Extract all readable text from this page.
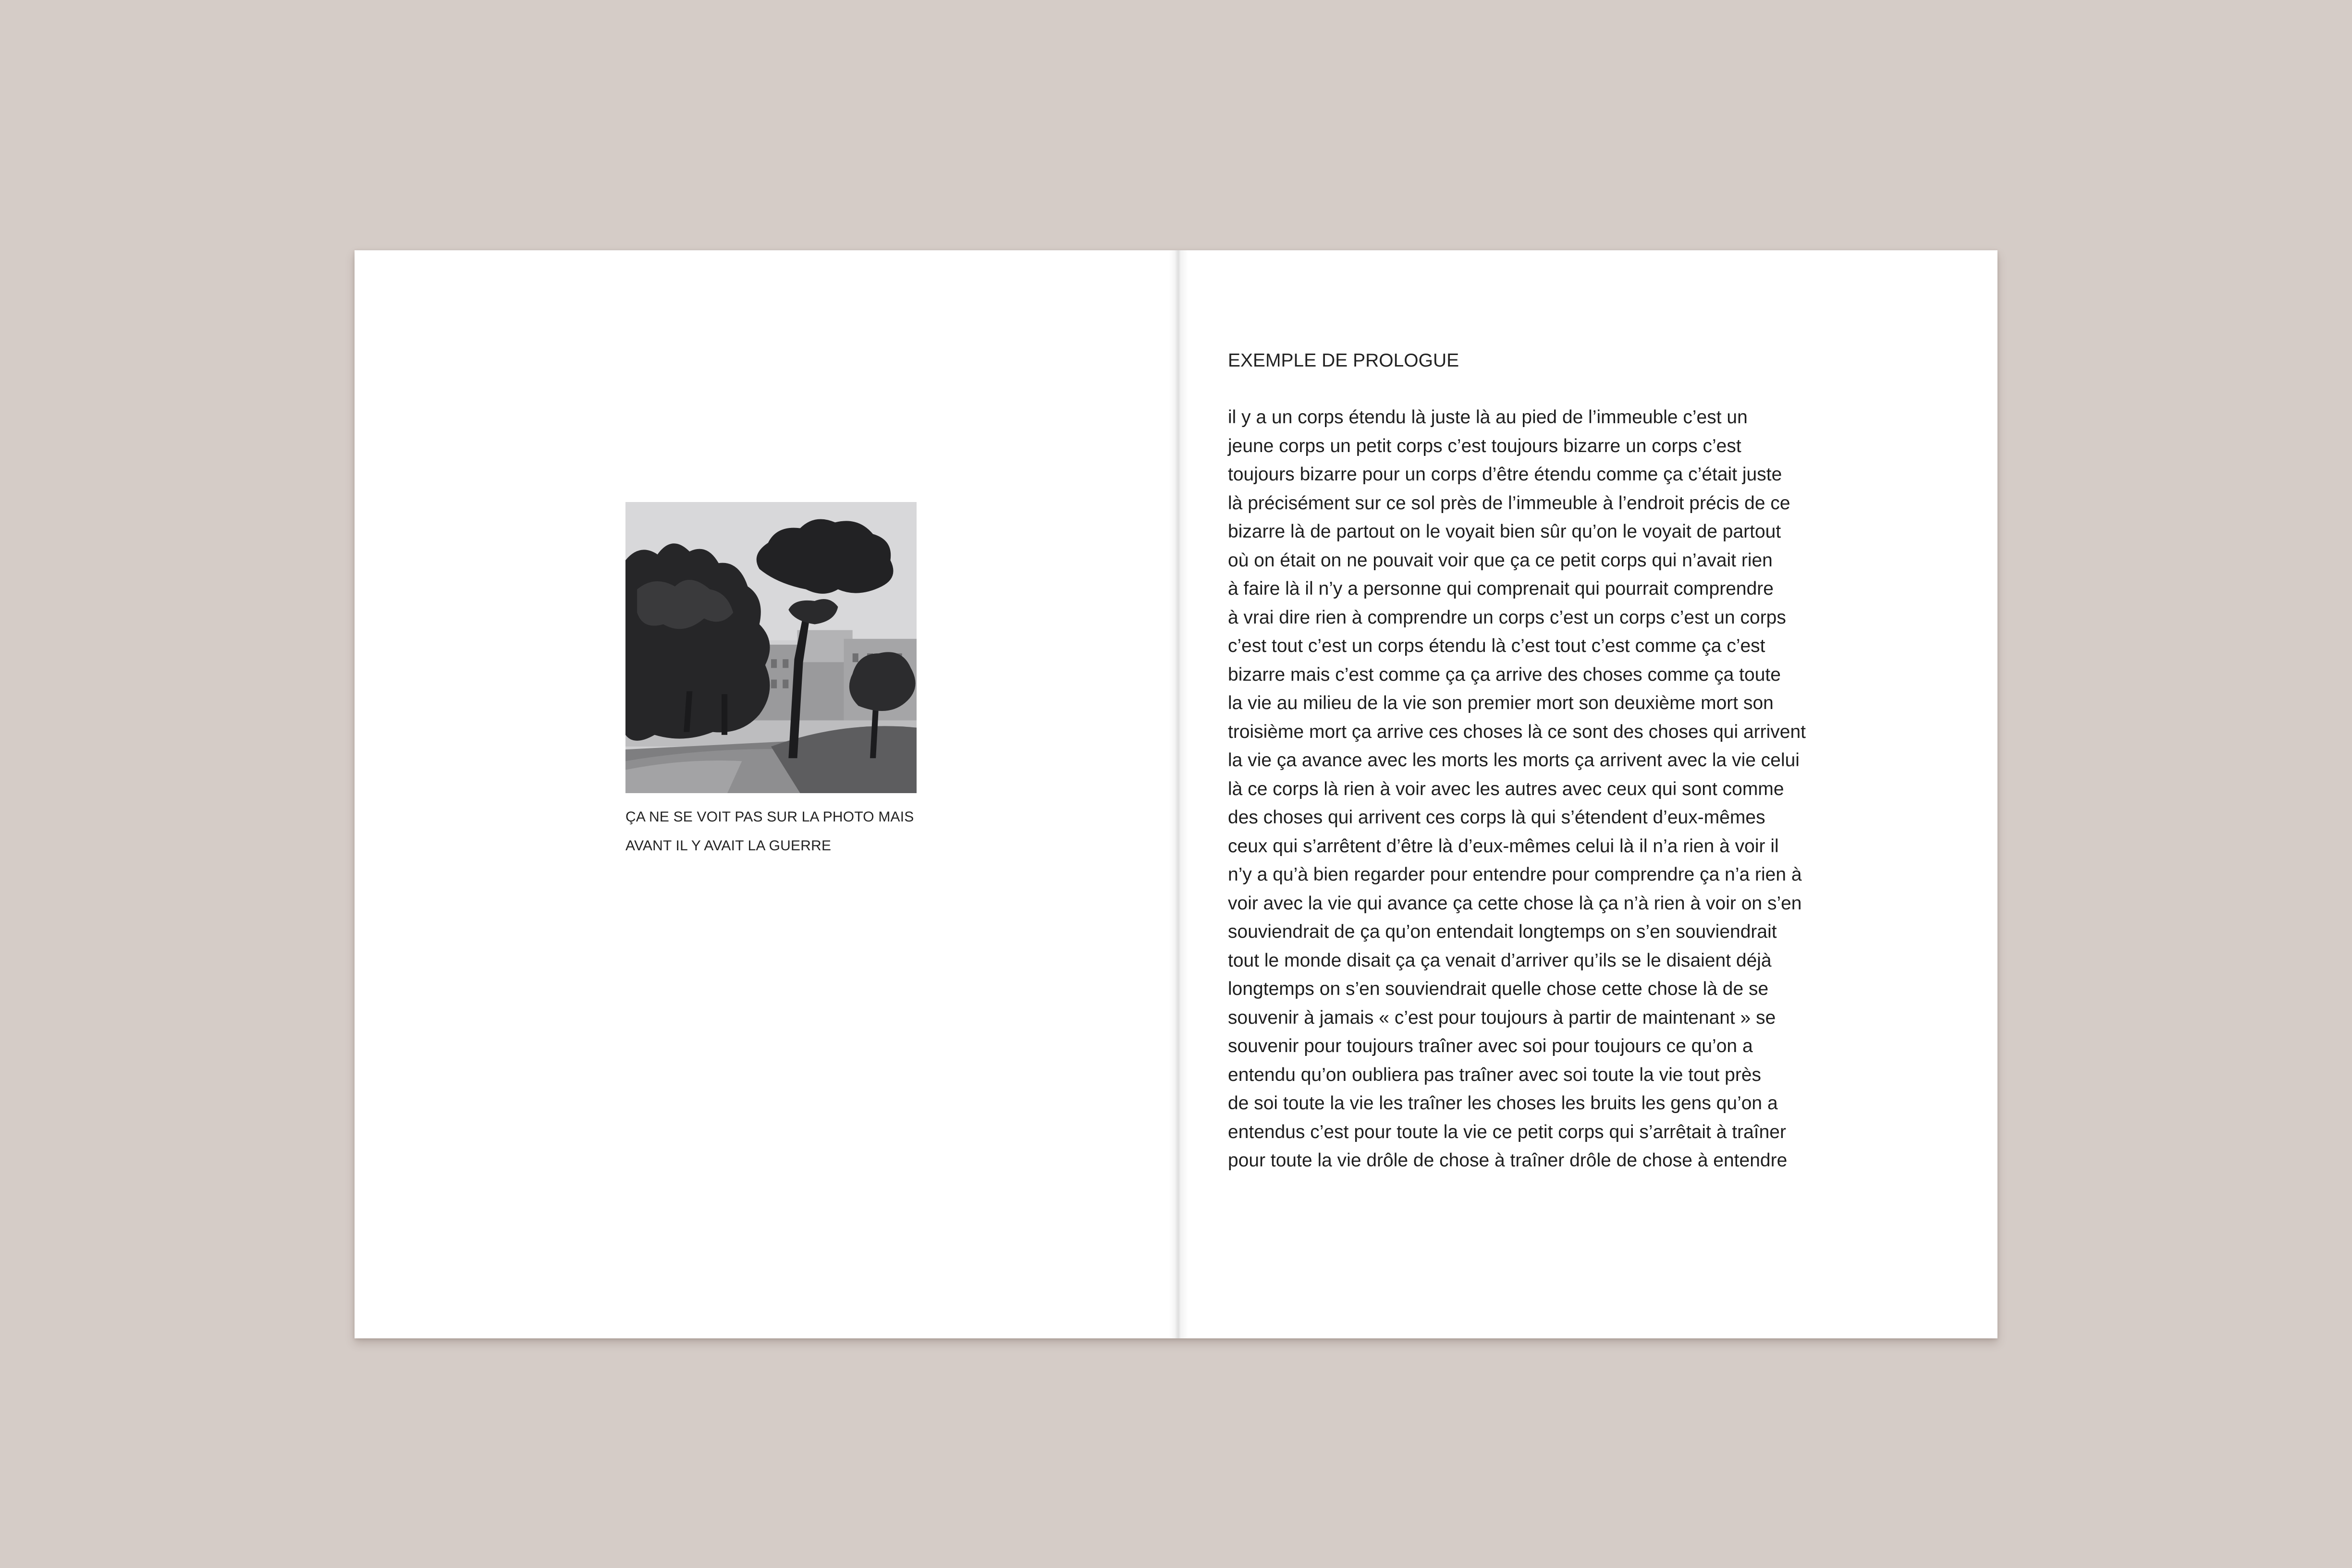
ÇA NE SE VOIT PAS SUR LA PHOTO MAIS
AVANT IL Y AVAIT LA GUERRE

EXEMPLE DE PROLOGUE
il y a un corps étendu là juste là au pied de l’immeuble c’est un
jeune corps un petit corps c’est toujours bizarre un corps c’est
toujours bizarre pour un corps d’être étendu comme ça c’était juste
là précisément sur ce sol près de l’immeuble à l’endroit précis de ce
bizarre là de partout on le voyait bien sûr qu’on le voyait de partout
où on était on ne pouvait voir que ça ce petit corps qui n’avait rien
à faire là il n’y a personne qui comprenait qui pourrait comprendre
à vrai dire rien à comprendre un corps c’est un corps c’est un corps
c’est tout c’est un corps étendu là c’est tout c’est comme ça c’est
bizarre mais c’est comme ça ça arrive des choses comme ça toute
la vie au milieu de la vie son premier mort son deuxième mort son
troisième mort ça arrive ces choses là ce sont des choses qui arrivent
la vie ça avance avec les morts les morts ça arrivent avec la vie celui
là ce corps là rien à voir avec les autres avec ceux qui sont comme
des choses qui arrivent ces corps là qui s’étendent d’eux-mêmes
ceux qui s’arrêtent d’être là d’eux-mêmes celui là il n’a rien à voir il
n’y a qu’à bien regarder pour entendre pour comprendre ça n’a rien à
voir avec la vie qui avance ça cette chose là ça n’à rien à voir on s’en
souviendrait de ça qu’on entendait longtemps on s’en souviendrait
tout le monde disait ça ça venait d’arriver qu’ils se le disaient déjà
longtemps on s’en souviendrait quelle chose cette chose là de se
souvenir à jamais « c’est pour toujours à partir de maintenant » se
souvenir pour toujours traîner avec soi pour toujours ce qu’on a
entendu qu’on oubliera pas traîner avec soi toute la vie tout près
de soi toute la vie les traîner les choses les bruits les gens qu’on a
entendus c’est pour toute la vie ce petit corps qui s’arrêtait à traîner
pour toute la vie drôle de chose à traîner drôle de chose à entendre
